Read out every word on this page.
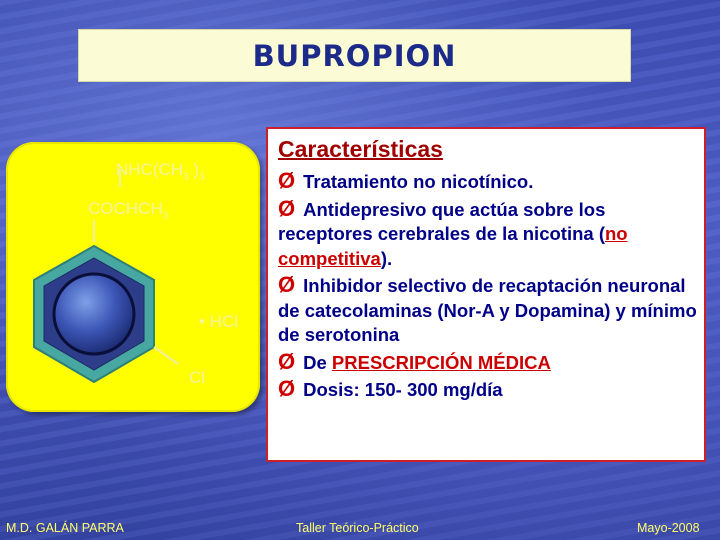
BUPROPION
$NHC(CH_3$ )$_3$
$COCHCH_3$
• HCl
Cl
Características
Ø Tratamiento no nicotínico.
Ø Antidepresivo que actúa sobre los receptores cerebrales de la nicotina (no competitiva).
Ø Inhibidor selectivo de recaptación neuronal de catecolaminas (Nor-A y Dopamina) y mínimo de serotonina
Ø De PRESCRIPCIÓN MÉDICA
Ø Dosis: 150- 300 mg/día
M.D. GALÁN PARRA	Taller Teórico-Práctico	Mayo-2008
